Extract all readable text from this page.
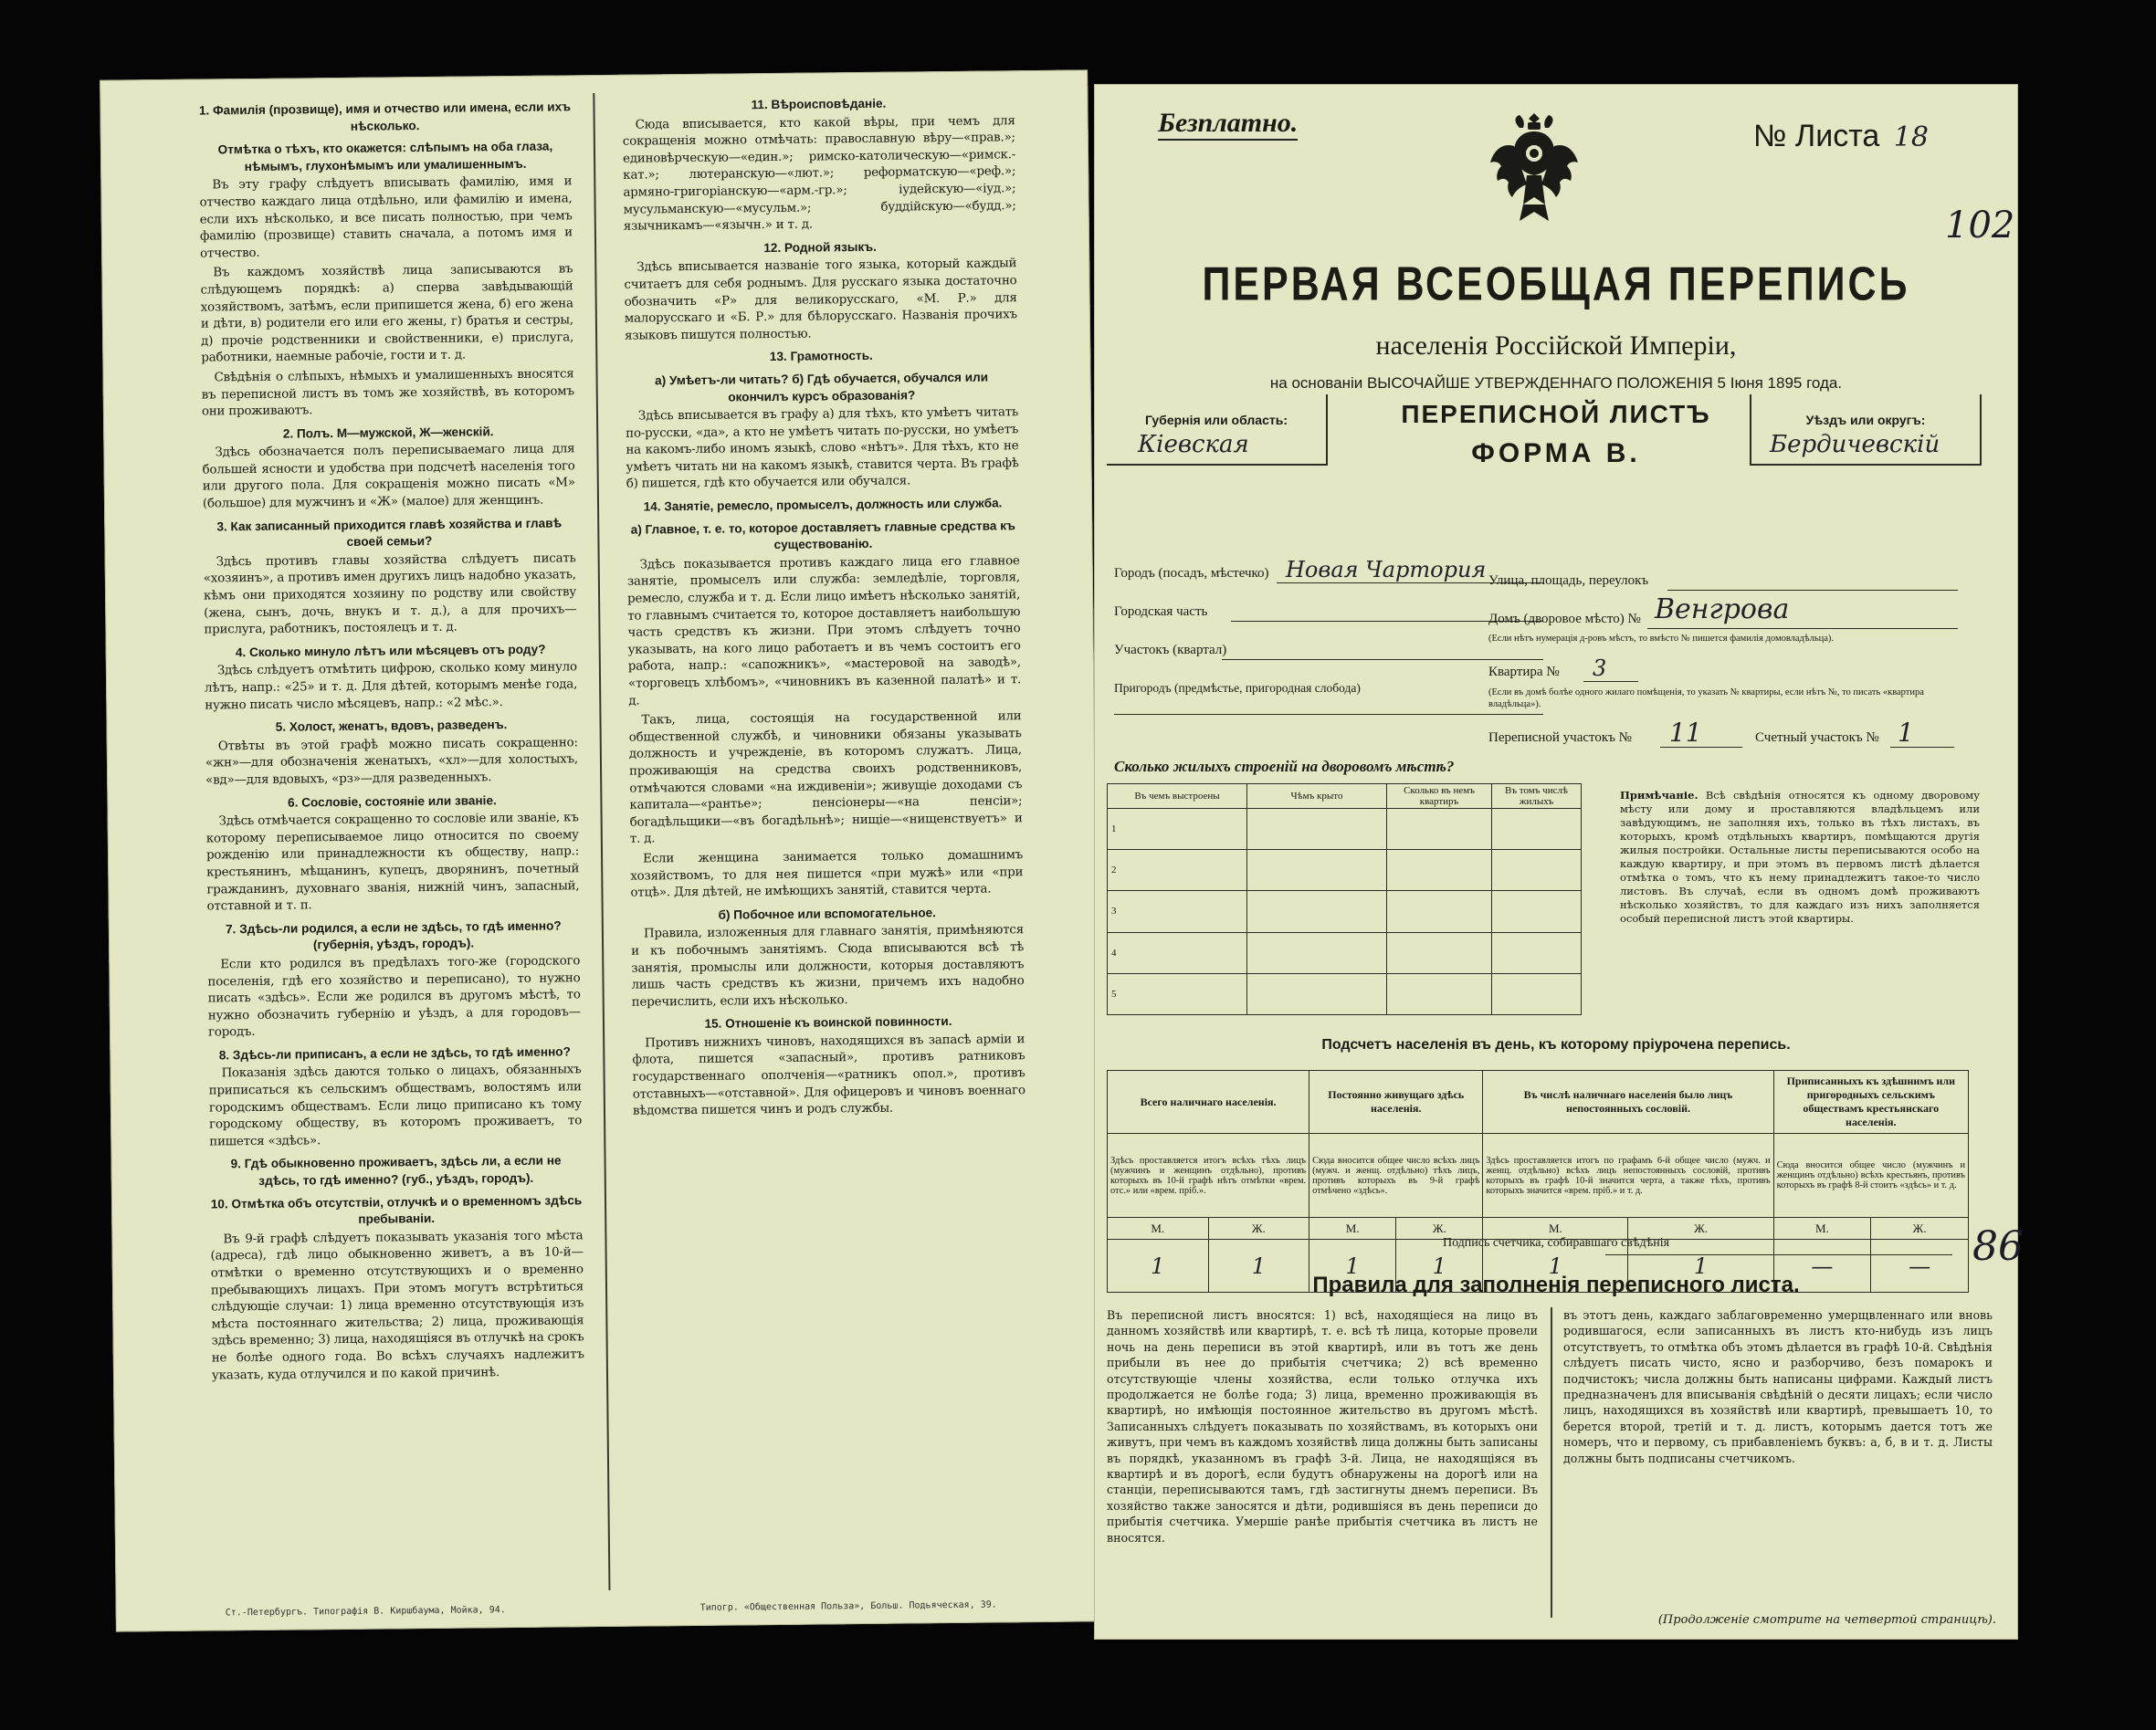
1. Фамилія (прозвище), имя и отчество или имена, если ихъ нѣсколько.
Отмѣтка о тѣхъ, кто окажется: слѣпымъ на оба глаза, нѣмымъ, глухонѣмымъ или умалишеннымъ.
Въ эту графу слѣдуетъ вписывать фамилію, имя и отчество каждаго лица отдѣльно, или фамилію и имена, если ихъ нѣсколько, и все писать полностью, при чемъ фамилію (прозвище) ставить сначала, а потомъ имя и отчество.
Въ каждомъ хозяйствѣ лица записываются въ слѣдующемъ порядкѣ: а) сперва завѣдывающій хозяйствомъ, затѣмъ, если припишется жена, б) его жена и дѣти, в) родители его или его жены, г) братья и сестры, д) прочіе родственники и свойственники, е) прислуга, работники, наемные рабочіе, гости и т. д.
Свѣдѣнія о слѣпыхъ, нѣмыхъ и умалишенныхъ вносятся въ переписной листъ въ томъ же хозяйствѣ, въ которомъ они проживаютъ.
2. Полъ. М—мужской, Ж—женскій.
Здѣсь обозначается полъ переписываемаго лица для большей ясности и удобства при подсчетѣ населенія того или другого пола. Для сокращенія можно писать «М» (большое) для мужчинъ и «Ж» (малое) для женщинъ.
3. Как записанный приходится главѣ хозяйства и главѣ своей семьи?
Здѣсь противъ главы хозяйства слѣдуетъ писать «хозяинъ», а противъ имен другихъ лицъ надобно указать, кѣмъ они приходятся хозяину по родству или свойству (жена, сынъ, дочь, внукъ и т. д.), а для прочихъ—прислуга, работникъ, постоялецъ и т. д.
4. Сколько минуло лѣтъ или мѣсяцевъ отъ роду?
Здѣсь слѣдуетъ отмѣтить цифрою, сколько кому минуло лѣтъ, напр.: «25» и т. д. Для дѣтей, которымъ менѣе года, нужно писать число мѣсяцевъ, напр.: «2 мѣс.».
5. Холост, женатъ, вдовъ, разведенъ.
Отвѣты въ этой графѣ можно писать сокращенно: «жн»—для обозначенія женатыхъ, «хл»—для холостыхъ, «вд»—для вдовыхъ, «рз»—для разведенныхъ.
6. Сословіе, состояніе или званіе.
Здѣсь отмѣчается сокращенно то сословіе или званіе, къ которому переписываемое лицо относится по своему рожденію или принадлежности къ обществу, напр.: крестьянинъ, мѣщанинъ, купецъ, дворянинъ, почетный гражданинъ, духовнаго званія, нижній чинъ, запасный, отставной и т. п.
7. Здѣсь-ли родился, а если не здѣсь, то гдѣ именно? (губернія, уѣздъ, городъ).
Если кто родился въ предѣлахъ того-же (городского поселенія, гдѣ его хозяйство и переписано), то нужно писать «здѣсь». Если же родился въ другомъ мѣстѣ, то нужно обозначить губернію и уѣздъ, а для городовъ—городъ.
8. Здѣсь-ли приписанъ, а если не здѣсь, то гдѣ именно?
Показанія здѣсь даются только о лицахъ, обязанныхъ приписаться къ сельскимъ обществамъ, волостямъ или городскимъ обществамъ. Если лицо приписано къ тому городскому обществу, въ которомъ проживаетъ, то пишется «здѣсь».
9. Гдѣ обыкновенно проживаетъ, здѣсь ли, а если не здѣсь, то гдѣ именно? (губ., уѣздъ, городъ).
10. Отмѣтка объ отсутствіи, отлучкѣ и о временномъ здѣсь пребываніи.
Въ 9-й графѣ слѣдуетъ показывать указанія того мѣста (адреса), гдѣ лицо обыкновенно живетъ, а въ 10-й—отмѣтки о временно отсутствующихъ и о временно пребывающихъ лицахъ. При этомъ могутъ встрѣтиться слѣдующіе случаи: 1) лица временно отсутствующія изъ мѣста постояннаго жительства; 2) лица, проживающія здѣсь временно; 3) лица, находящіяся въ отлучкѣ на срокъ не болѣе одного года. Во всѣхъ случаяхъ надлежитъ указать, куда отлучился и по какой причинѣ.
11. Вѣроисповѣданіе.
Сюда вписывается, кто какой вѣры, при чемъ для сокращенія можно отмѣчать: православную вѣру—«прав.»; единовѣрческую—«един.»; римско-католическую—«римск.-кат.»; лютеранскую—«лют.»; реформатскую—«реф.»; армяно-григоріанскую—«арм.-гр.»; іудейскую—«іуд.»; мусульманскую—«мусульм.»; буддійскую—«будд.»; язычникамъ—«язычн.» и т. д.
12. Родной языкъ.
Здѣсь вписывается названіе того языка, который каждый считаетъ для себя роднымъ. Для русскаго языка достаточно обозначить «Р» для великорусскаго, «М. Р.» для малорусскаго и «Б. Р.» для бѣлорусскаго. Названія прочихъ языковъ пишутся полностью.
13. Грамотность.
а) Умѣетъ-ли читать? б) Гдѣ обучается, обучался или окончилъ курсъ образованія?
Здѣсь вписывается въ графу а) для тѣхъ, кто умѣетъ читать по-русски, «да», а кто не умѣетъ читать по-русски, но умѣетъ на какомъ-либо иномъ языкѣ, слово «нѣтъ». Для тѣхъ, кто не умѣетъ читать ни на какомъ языкѣ, ставится черта. Въ графѣ б) пишется, гдѣ кто обучается или обучался.
14. Занятіе, ремесло, промыселъ, должность или служба.
а) Главное, т. е. то, которое доставляетъ главные средства къ существованію.
Здѣсь показывается противъ каждаго лица его главное занятіе, промыселъ или служба: земледѣліе, торговля, ремесло, служба и т. д. Если лицо имѣетъ нѣсколько занятій, то главнымъ считается то, которое доставляетъ наибольшую часть средствъ къ жизни. При этомъ слѣдуетъ точно указывать, на кого лицо работаетъ и въ чемъ состоитъ его работа, напр.: «сапожникъ», «мастеровой на заводѣ», «торговецъ хлѣбомъ», «чиновникъ въ казенной палатѣ» и т. д.
Такъ, лица, состоящія на государственной или общественной службѣ, и чиновники обязаны указывать должность и учрежденіе, въ которомъ служатъ. Лица, проживающія на средства своихъ родственниковъ, отмѣчаются словами «на иждивеніи»; живущіе доходами съ капитала—«рантье»; пенсіонеры—«на пенсіи»; богадѣльщики—«въ богадѣльнѣ»; нищіе—«нищенствуетъ» и т. д.
Если женщина занимается только домашнимъ хозяйствомъ, то для нея пишется «при мужѣ» или «при отцѣ». Для дѣтей, не имѣющихъ занятій, ставится черта.
б) Побочное или вспомогательное.
Правила, изложенныя для главнаго занятія, примѣняются и къ побочнымъ занятіямъ. Сюда вписываются всѣ тѣ занятія, промыслы или должности, которыя доставляютъ лишь часть средствъ къ жизни, причемъ ихъ надобно перечислить, если ихъ нѣсколько.
15. Отношеніе къ воинской повинности.
Противъ нижнихъ чиновъ, находящихся въ запасѣ арміи и флота, пишется «запасный», противъ ратниковъ государственнаго ополченія—«ратникъ опол.», противъ отставныхъ—«отставной». Для офицеровъ и чиновъ военнаго вѣдомства пишется чинъ и родъ службы.
Ст.-Петербургъ. Типографія В. Киршбаума, Мойка, 94.	Типогр. «Общественная Польза», Больш. Подьяческая, 39.
Безплатно.	№ Листа 18
102
ПЕРВАЯ ВСЕОБЩАЯ ПЕРЕПИСЬ
населенія Россійской Имперіи,
на основаніи ВЫСОЧАЙШЕ УТВЕРЖДЕННАГО ПОЛОЖЕНІЯ 5 Іюня 1895 года.
Губернія или область:
Кіевская
ПЕРЕПИСНОЙ ЛИСТЪ
ФОРМА В.
Уѣздъ или округъ:
Бердичевскій
Городъ (посадъ, мѣстечко) Новая Чартория
Городская часть
Участокъ (квартал)
Пригородъ (предмѣстье, пригородная слобода)
Улица, площадь, переулокъ
Домъ (дворовое мѣсто) № Венгрова
(Если нѣтъ нумерація д-ровъ мѣстъ, то вмѣсто № пишется фамилія домовладѣльца).
Квартира № 3
(Если въ домѣ болѣе одного жилаго помѣщенія, то указать № квартиры, если нѣтъ №, то писать «квартира владѣльца»).
Переписной участокъ № 11	Счетный участокъ № 1
Сколько жилыхъ строеній на дворовомъ мѣстѣ?
Въ чемъ выстроены	Чѣмъ крыто	Сколько въ немъ квартиръ	Въ томъ числѣ жилыхъ
1			
2			
3			
4			
5			
Примѣчаніе. Всѣ свѣдѣнія относятся къ одному дворовому мѣсту или дому и проставляются владѣльцемъ или завѣдующимъ, не заполняя ихъ, только въ тѣхъ листахъ, въ которыхъ, кромѣ отдѣльныхъ квартиръ, помѣщаются другія жилыя постройки. Остальные листы переписываются особо на каждую квартиру, и при этомъ въ первомъ листѣ дѣлается отмѣтка о томъ, что къ нему принадлежитъ такое-то число листовъ. Въ случаѣ, если въ одномъ домѣ проживаютъ нѣсколько хозяйствъ, то для каждаго изъ нихъ заполняется особый переписной листъ этой квартиры.
Подсчетъ населенія въ день, къ которому пріурочена перепись.
Всего наличнаго населенія.		Постоянно живущаго здѣсь населенія.		Въ числѣ наличнаго населенія было лицъ непостоянныхъ сословій.		Приписанныхъ къ здѣшнимъ или пригородныхъ сельскимъ обществамъ крестьянскаго населенія.	
Здѣсь проставляется итогъ всѣхъ тѣхъ лицъ (мужчинъ и женщинъ отдѣльно), противъ которыхъ въ 10-й графѣ нѣтъ отмѣтки «врем. отс.» или «врем. пріб.».		Сюда вносится общее число всѣхъ лицъ (мужч. и женщ. отдѣльно) тѣхъ лицъ, противъ которыхъ въ 9-й графѣ отмѣчено «здѣсь».		Здѣсь проставляется итогъ по графамъ 6-й общее число (мужч. и женщ. отдѣльно) всѣхъ лицъ непостоянныхъ сословій, противъ которыхъ въ графѣ 10-й значится черта, а также тѣхъ, противъ которыхъ значится «врем. пріб.» и т. д.		Сюда вносится общее число (мужчинъ и женщинъ отдѣльно) всѣхъ крестьянъ, противъ которыхъ въ графѣ 8-й стоитъ «здѣсь» и т. д.	
М.	Ж.	М.	Ж.	М.	Ж.	М.	Ж.
1	1	1	1	1	1	—	—
Подпись счетчика, собиравшаго свѣдѣнія	86
Правила для заполненія переписного листа.
Въ переписной листъ вносятся: 1) всѣ, находящіеся на лицо въ данномъ хозяйствѣ или квартирѣ, т. е. всѣ тѣ лица, которые провели ночь на день переписи въ этой квартирѣ, или въ тотъ же день прибыли въ нее до прибытія счетчика; 2) всѣ временно отсутствующіе члены хозяйства, если только отлучка ихъ продолжается не болѣе года; 3) лица, временно проживающія въ квартирѣ, но имѣющія постоянное жительство въ другомъ мѣстѣ. Записанныхъ слѣдуетъ показывать по хозяйствамъ, въ которыхъ они живутъ, при чемъ въ каждомъ хозяйствѣ лица должны быть записаны въ порядкѣ, указанномъ въ графѣ 3-й. Лица, не находящіяся въ квартирѣ и въ дорогѣ, если будутъ обнаружены на дорогѣ или на станціи, переписываются тамъ, гдѣ застигнуты днемъ переписи. Въ хозяйство также заносятся и дѣти, родившіяся въ день переписи до прибытія счетчика. Умершіе ранѣе прибытія счетчика въ листъ не вносятся.
въ этотъ день, каждаго заблаговременно умерщвленнаго или вновь родившагося, если записанныхъ въ листъ кто-нибудь изъ лицъ отсутствуетъ, то отмѣтка объ этомъ дѣлается въ графѣ 10-й. Свѣдѣнія слѣдуетъ писать чисто, ясно и разборчиво, безъ помарокъ и подчистокъ; числа должны быть написаны цифрами. Каждый листъ предназначенъ для вписыванія свѣдѣній о десяти лицахъ; если число лицъ, находящихся въ хозяйствѣ или квартирѣ, превышаетъ 10, то берется второй, третій и т. д. листъ, которымъ дается тотъ же номеръ, что и первому, съ прибавленіемъ буквъ: а, б, в и т. д. Листы должны быть подписаны счетчикомъ.
(Продолженіе смотрите на четвертой страницѣ).
